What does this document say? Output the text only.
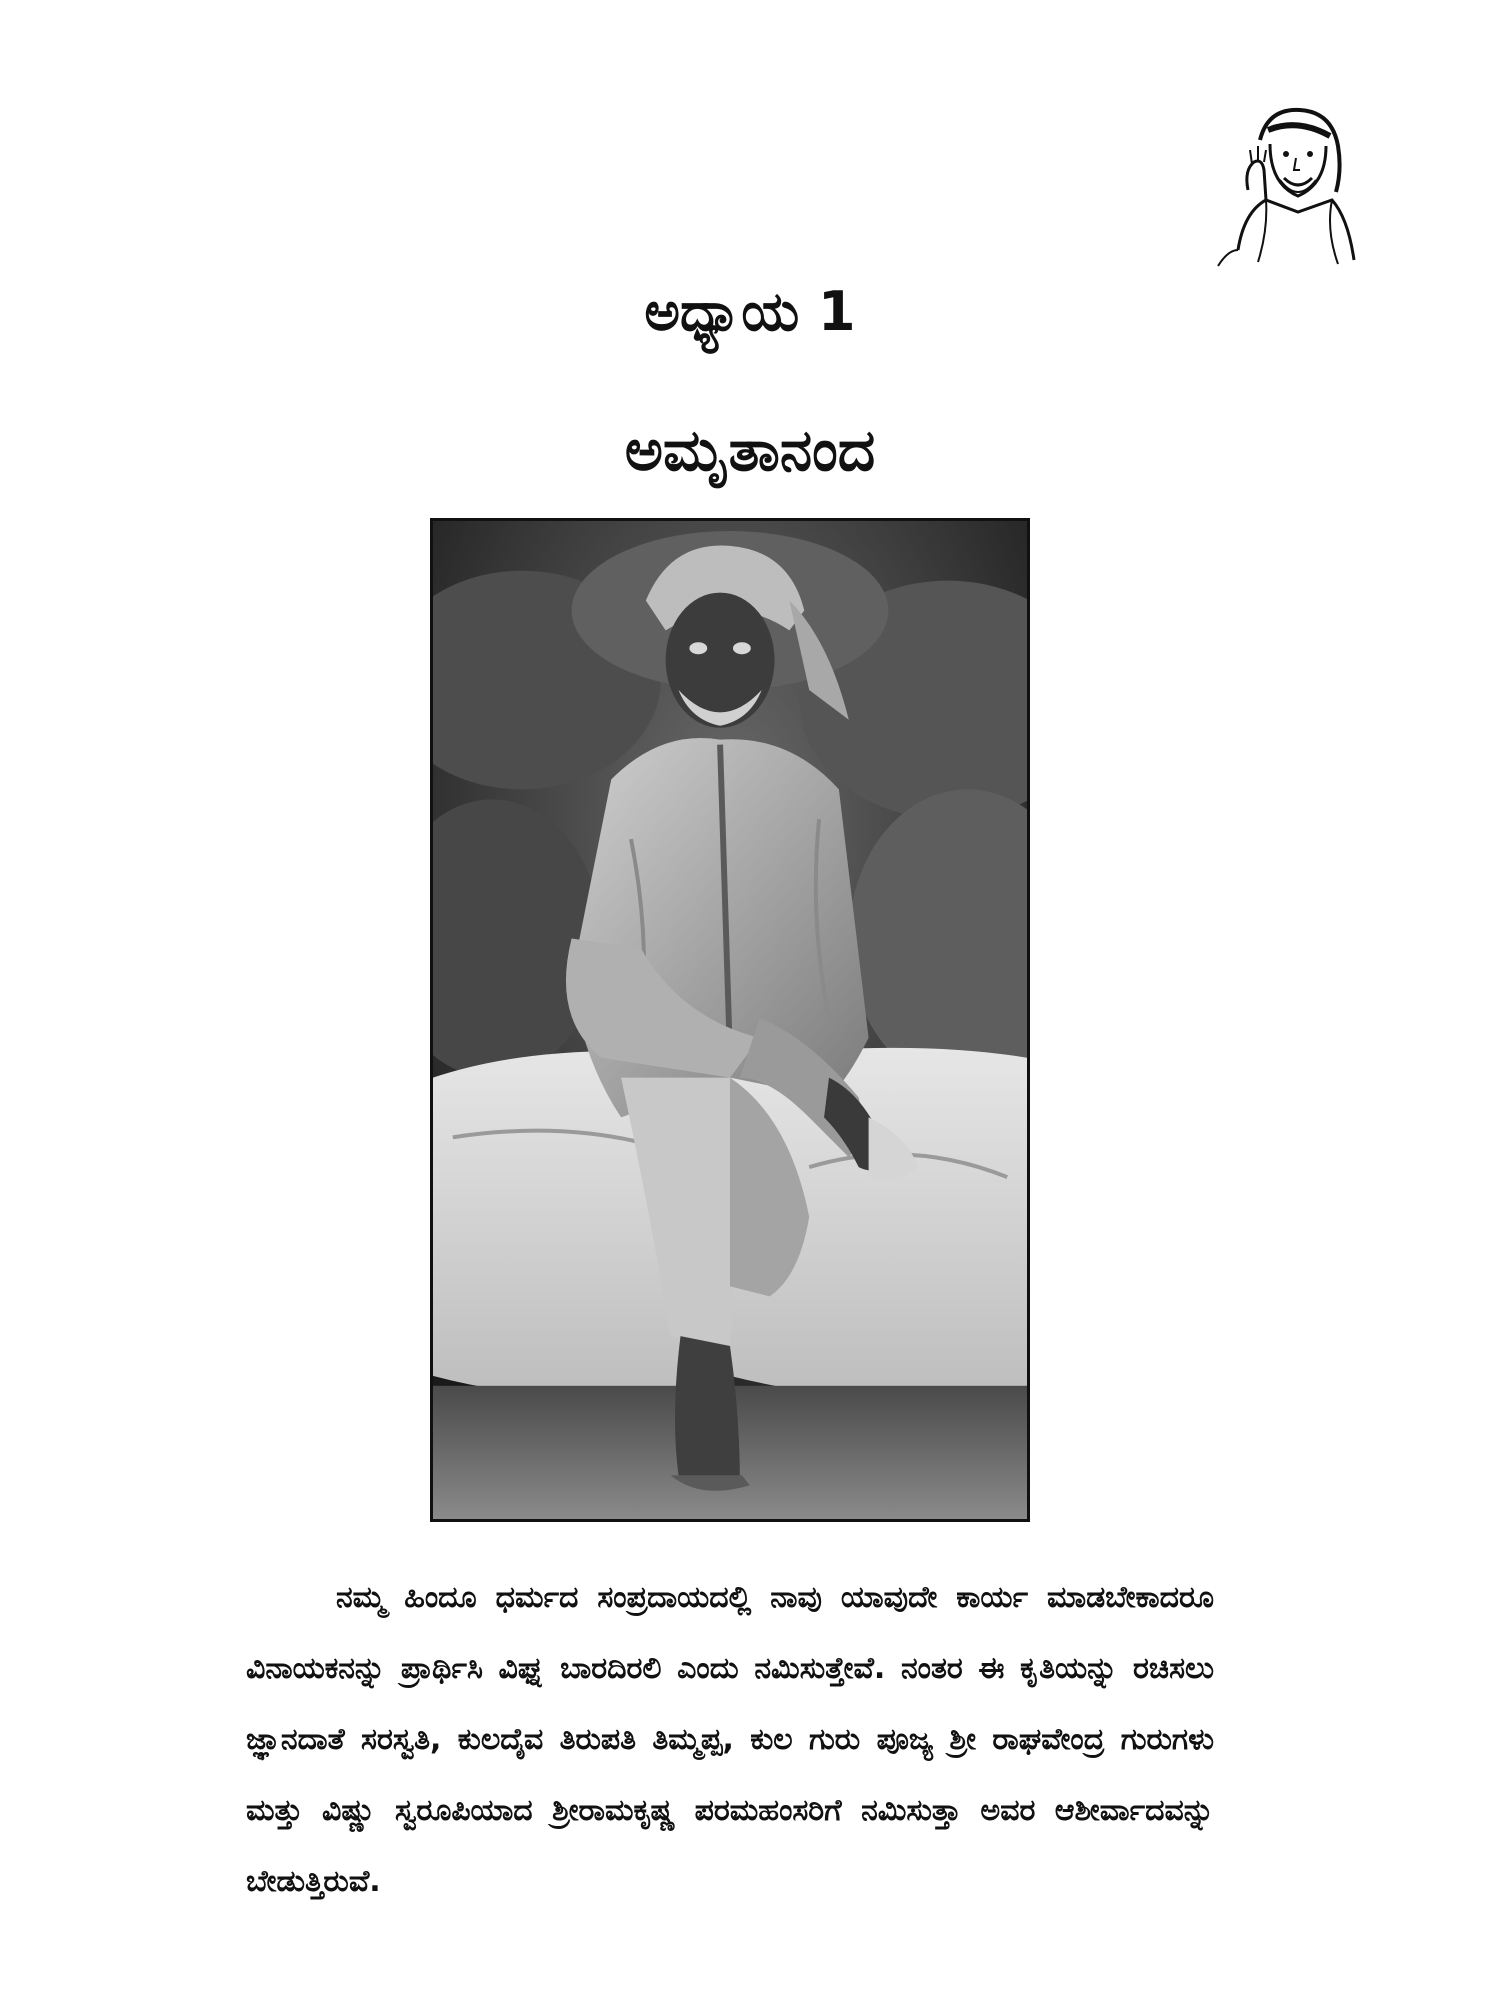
ಅಧ್ಯಾಯ 1
ಅಮೃತಾನಂದ

ನಮ್ಮ ಹಿಂದೂ ಧರ್ಮದ ಸಂಪ್ರದಾಯದಲ್ಲಿ ನಾವು ಯಾವುದೇ ಕಾರ್ಯ ಮಾಡಬೇಕಾದರೂ ವಿನಾಯಕನನ್ನು ಪ್ರಾರ್ಥಿಸಿ ವಿಘ್ನ ಬಾರದಿರಲಿ ಎಂದು ನಮಿಸುತ್ತೇವೆ. ನಂತರ ಈ ಕೃತಿಯನ್ನು ರಚಿಸಲು ಜ್ಞಾನದಾತೆ ಸರಸ್ವತಿ, ಕುಲದೈವ ತಿರುಪತಿ ತಿಮ್ಮಪ್ಪ, ಕುಲ ಗುರು ಪೂಜ್ಯ ಶ್ರೀ ರಾಘವೇಂದ್ರ ಗುರುಗಳು ಮತ್ತು ವಿಷ್ಣು ಸ್ವರೂಪಿಯಾದ ಶ್ರೀರಾಮಕೃಷ್ಣ ಪರಮಹಂಸರಿಗೆ ನಮಿಸುತ್ತಾ ಅವರ ಆಶೀರ್ವಾದವನ್ನು ಬೇಡುತ್ತಿರುವೆ.
